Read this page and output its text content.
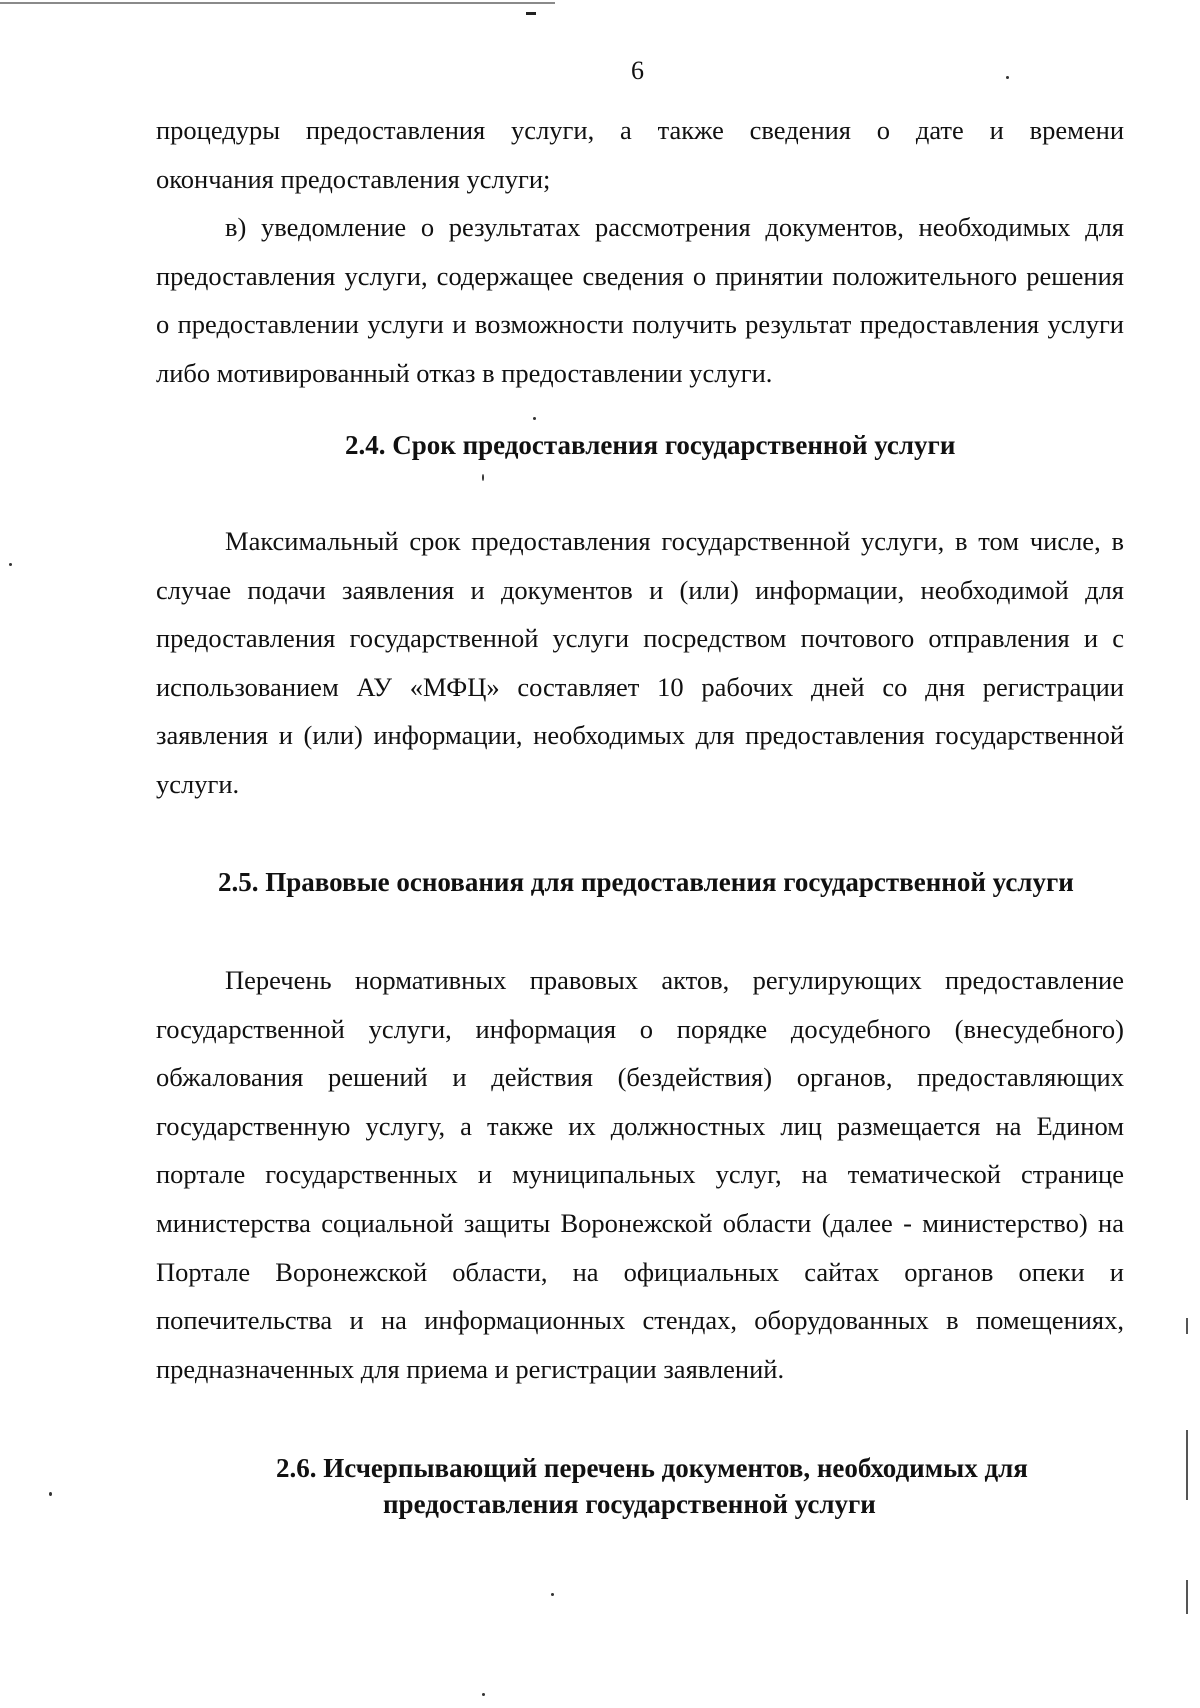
6

процедуры предоставления услуги, а также сведения о дате и времени

окончания предоставления услуги;

в) уведомление о результатах рассмотрения документов, необходимых для предоставления услуги, содержащее сведения о принятии положительного решения о предоставлении услуги и возможности получить результат предоставления услуги либо мотивированный отказ в предоставлении услуги.

2.4. Срок предоставления государственной услуги

Максимальный срок предоставления государственной услуги, в том числе, в случае подачи заявления и документов и (или) информации, необходимой для предоставления государственной услуги посредством почтового отправления и с использованием АУ «МФЦ» составляет 10 рабочих дней со дня регистрации заявления и (или) информации, необходимых для предоставления государственной услуги.

2.5. Правовые основания для предоставления государственной услуги

Перечень нормативных правовых актов, регулирующих предоставление государственной услуги, информация о порядке досудебного (внесудебного) обжалования решений и действия (бездействия) органов, предоставляющих государственную услугу, а также их должностных лиц размещается на Едином портале государственных и муниципальных услуг, на тематической странице министерства социальной защиты Воронежской области (далее - министерство) на Портале Воронежской области, на официальных сайтах органов опеки и попечительства и на информационных стендах, оборудованных в помещениях, предназначенных для приема и регистрации заявлений.

2.6. Исчерпывающий перечень документов, необходимых для
предоставления государственной услуги
